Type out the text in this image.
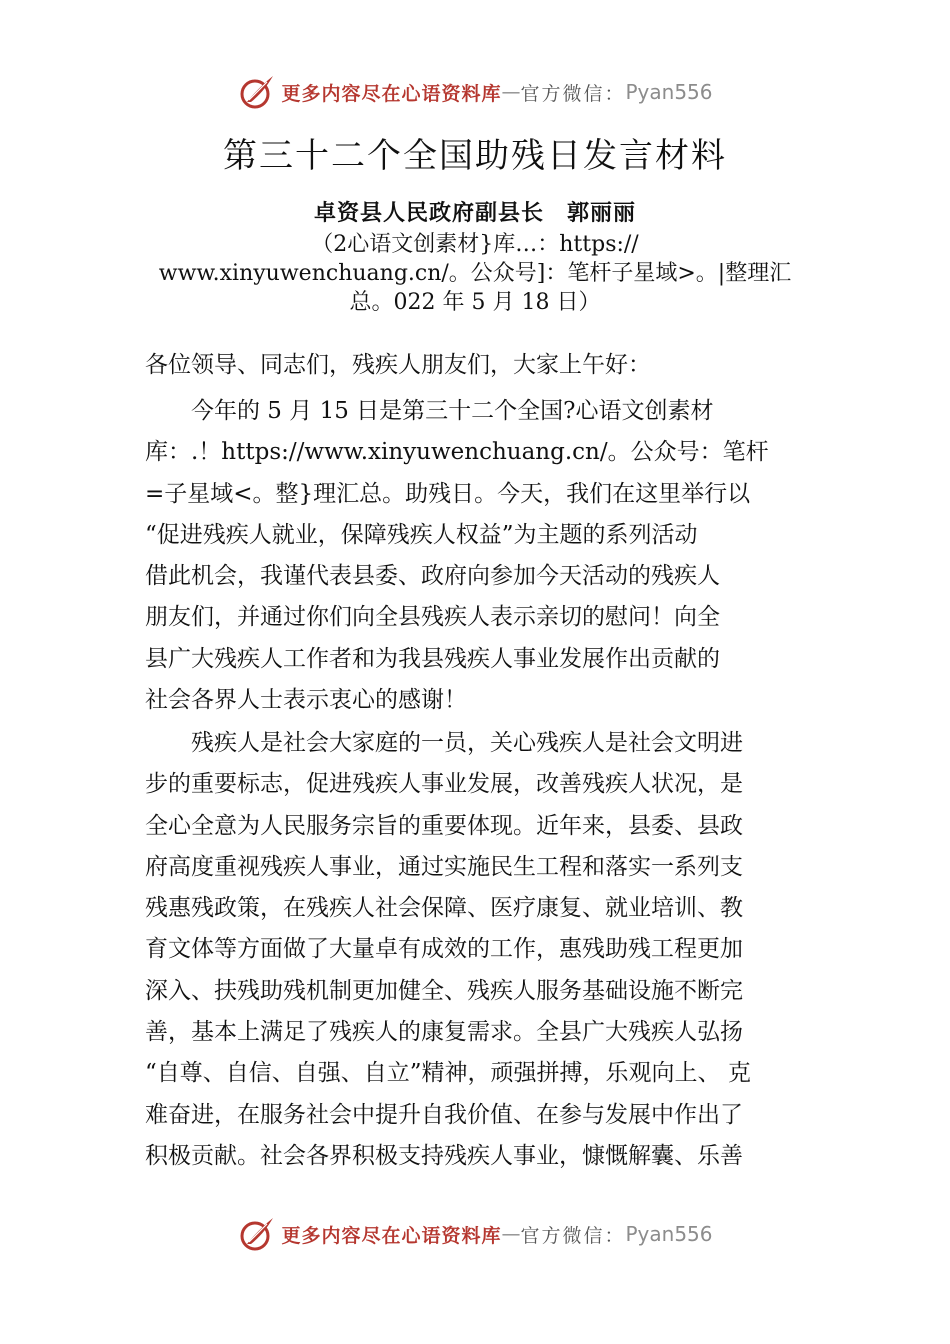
更多内容尽在心语资料库 — 官方微信： Pyan556
第三十二个全国助残日发言材料
卓资县人民政府副县长　郭丽丽
（2心语文创素材}库…：https://
www.xinyuwenchuang.cn/。公众号]：笔杆子星域>。|整理汇
总。022 年 5 月 18 日）
各位领导、同志们，残疾人朋友们，大家上午好：

今年的 5 月 15 日是第三十二个全国?心语文创素材
库：.！https://www.xinyuwenchuang.cn/。公众号：笔杆
=子星域<。整}理汇总。助残日。今天，我们在这里举行以
“促进残疾人就业，保障残疾人权益”为主题的系列活动
借此机会，我谨代表县委、政府向参加今天活动的残疾人
朋友们，并通过你们向全县残疾人表示亲切的慰问！向全
县广大残疾人工作者和为我县残疾人事业发展作出贡献的
社会各界人士表示衷心的感谢！

残疾人是社会大家庭的一员，关心残疾人是社会文明进
步的重要标志，促进残疾人事业发展，改善残疾人状况，是
全心全意为人民服务宗旨的重要体现。近年来，县委、县政
府高度重视残疾人事业，通过实施民生工程和落实一系列支
残惠残政策，在残疾人社会保障、医疗康复、就业培训、教
育文体等方面做了大量卓有成效的工作，惠残助残工程更加
深入、扶残助残机制更加健全、残疾人服务基础设施不断完
善，基本上满足了残疾人的康复需求。全县广大残疾人弘扬
“自尊、自信、自强、自立”精神，顽强拼搏，乐观向上、 克
难奋进，在服务社会中提升自我价值、在参与发展中作出了
积极贡献。社会各界积极支持残疾人事业，慷慨解囊、乐善

更多内容尽在心语资料库 — 官方微信： Pyan556
